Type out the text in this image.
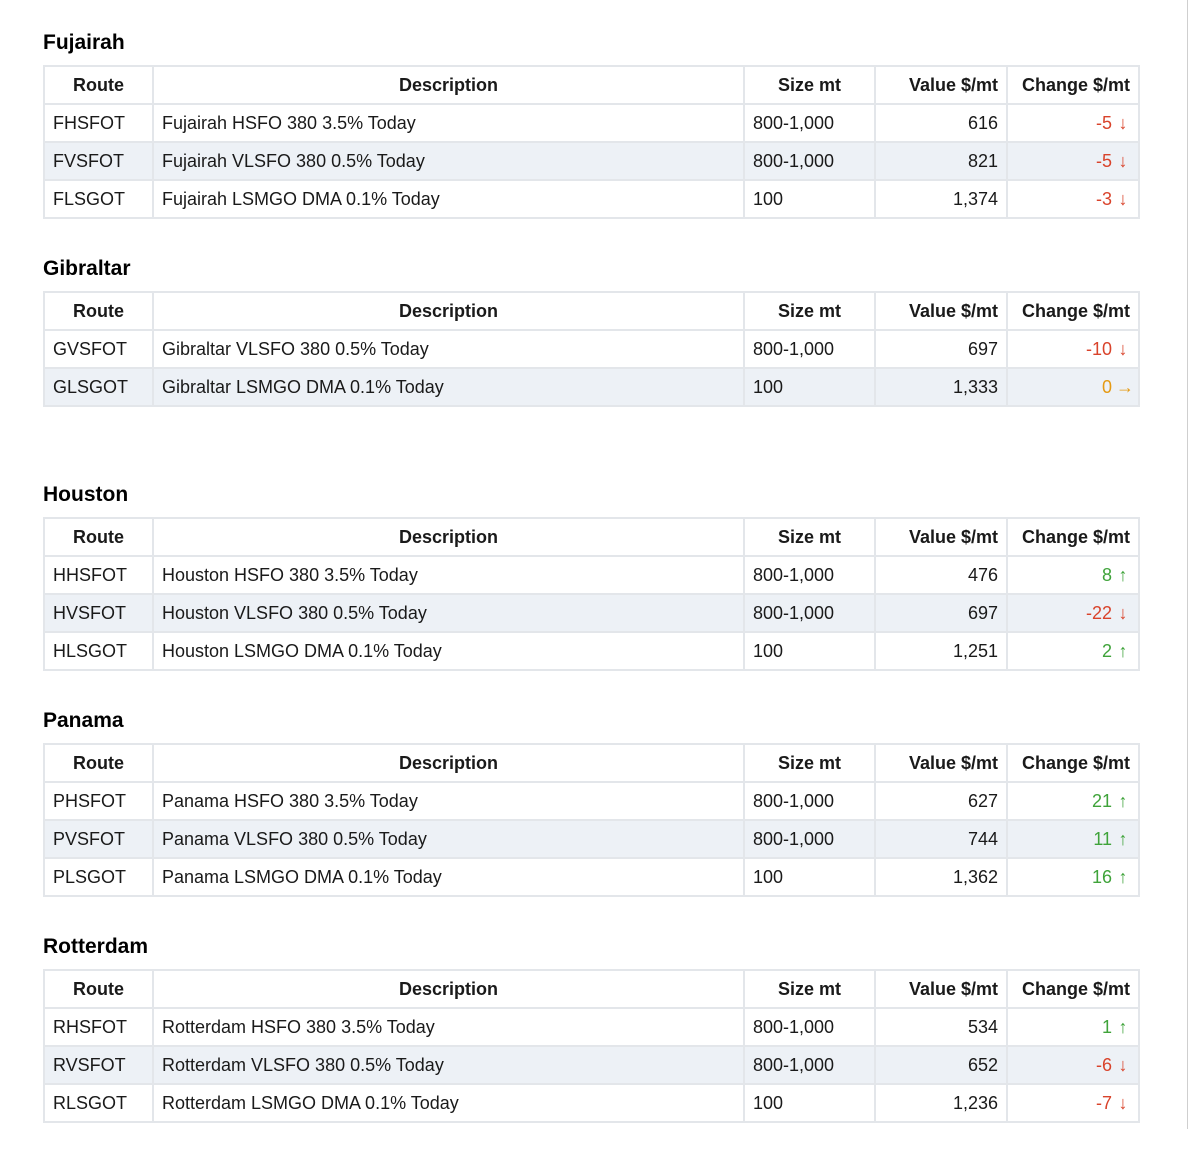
Fujairah
Route	Description	Size mt	Value $/mt	Change $/mt
FHSFOT	Fujairah HSFO 380 3.5% Today	800-1,000	616	-5 ↓
FVSFOT	Fujairah VLSFO 380 0.5% Today	800-1,000	821	-5 ↓
FLSGOT	Fujairah LSMGO DMA 0.1% Today	100	1,374	-3 ↓
Gibraltar
Route	Description	Size mt	Value $/mt	Change $/mt
GVSFOT	Gibraltar VLSFO 380 0.5% Today	800-1,000	697	-10 ↓
GLSGOT	Gibraltar LSMGO DMA 0.1% Today	100	1,333	0 →
Houston
Route	Description	Size mt	Value $/mt	Change $/mt
HHSFOT	Houston HSFO 380 3.5% Today	800-1,000	476	8 ↑
HVSFOT	Houston VLSFO 380 0.5% Today	800-1,000	697	-22 ↓
HLSGOT	Houston LSMGO DMA 0.1% Today	100	1,251	2 ↑
Panama
Route	Description	Size mt	Value $/mt	Change $/mt
PHSFOT	Panama HSFO 380 3.5% Today	800-1,000	627	21 ↑
PVSFOT	Panama VLSFO 380 0.5% Today	800-1,000	744	11 ↑
PLSGOT	Panama LSMGO DMA 0.1% Today	100	1,362	16 ↑
Rotterdam
Route	Description	Size mt	Value $/mt	Change $/mt
RHSFOT	Rotterdam HSFO 380 3.5% Today	800-1,000	534	1 ↑
RVSFOT	Rotterdam VLSFO 380 0.5% Today	800-1,000	652	-6 ↓
RLSGOT	Rotterdam LSMGO DMA 0.1% Today	100	1,236	-7 ↓
